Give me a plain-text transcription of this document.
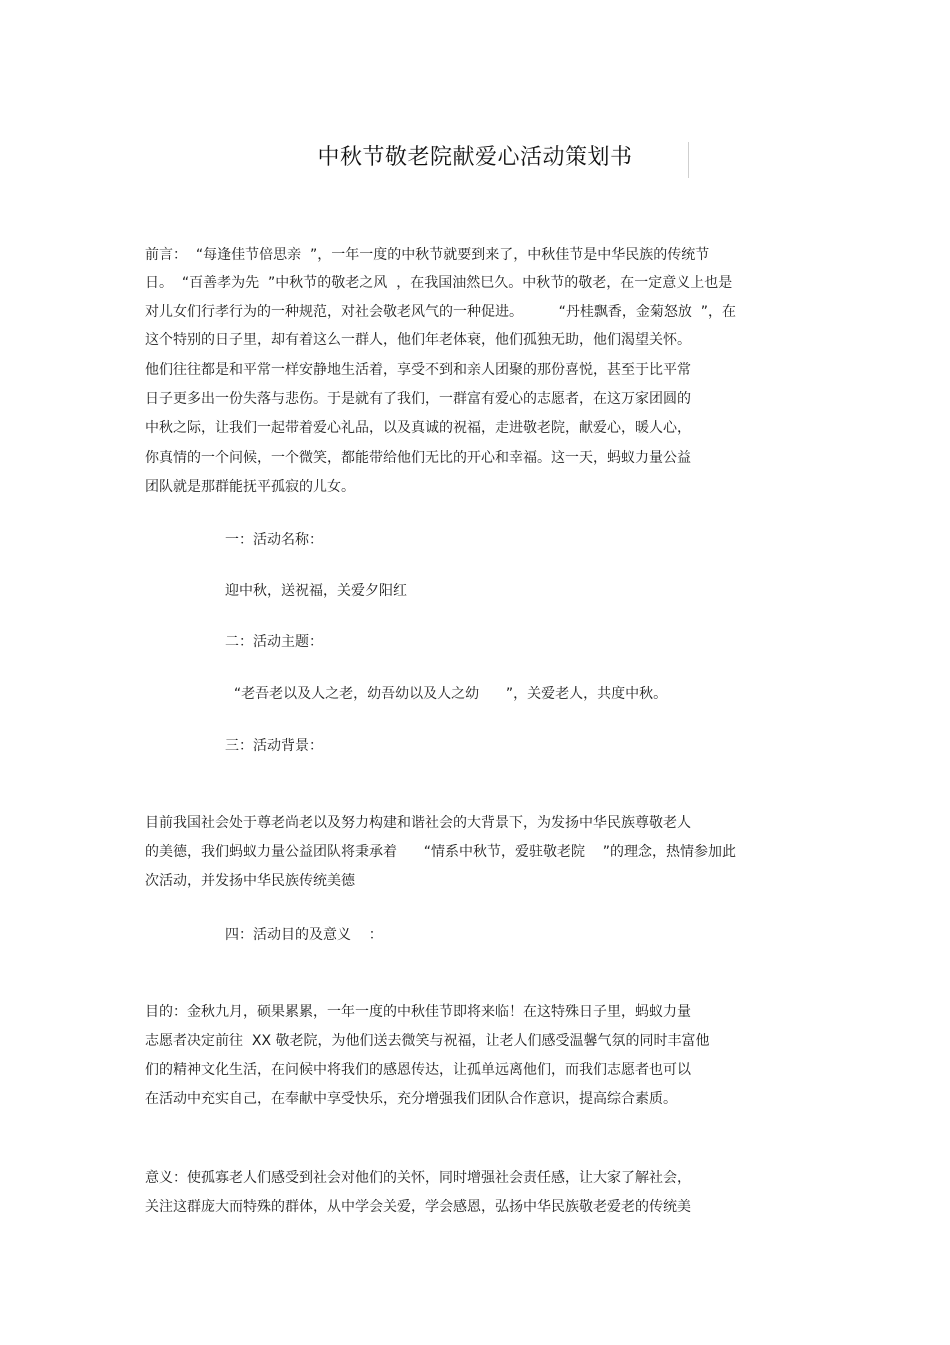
中秋节敬老院献爱心活动策划书
前言：  “每逢佳节倍思亲  ”，一年一度的中秋节就要到来了，中秋佳节是中华民族的传统节
日。  “百善孝为先  ”中秋节的敬老之风  ，在我国油然巳久。中秋节的敬老，在一定意义上也是
对儿女们行孝行为的一种规范，对社会敬老风气的一种促进。        “丹桂飘香，金菊怒放  ”，在
这个特别的日子里，却有着这么一群人，他们年老体衰，他们孤独无助，他们渴望关怀。
他们往往都是和平常一样安静地生活着，享受不到和亲人团聚的那份喜悦，甚至于比平常
日子更多出一份失落与悲伤。于是就有了我们，一群富有爱心的志愿者，在这万家团圆的
中秋之际，让我们一起带着爱心礼品，以及真诚的祝福，走进敬老院，献爱心，暖人心，
你真情的一个问候，一个微笑，都能带给他们无比的开心和幸福。这一天，蚂蚁力量公益
团队就是那群能抚平孤寂的儿女。
一：活动名称：
迎中秋，送祝福，关爱夕阳红
二：活动主题：
“老吾老以及人之老，幼吾幼以及人之幼      ”，关爱老人，共度中秋。
三：活动背景：
目前我国社会处于尊老尚老以及努力构建和谐社会的大背景下，为发扬中华民族尊敬老人
的美德，我们蚂蚁力量公益团队将秉承着      “情系中秋节，爱驻敬老院    ”的理念，热情参加此
次活动，并发扬中华民族传统美德
四：活动目的及意义    ：
目的：金秋九月，硕果累累，一年一度的中秋佳节即将来临！在这特殊日子里，蚂蚁力量
志愿者决定前往  XX 敬老院，为他们送去微笑与祝福，让老人们感受温馨气氛的同时丰富他
们的精神文化生活，在问候中将我们的感恩传达，让孤单远离他们，而我们志愿者也可以
在活动中充实自己，在奉献中享受快乐，充分增强我们团队合作意识，提高综合素质。
意义：使孤寡老人们感受到社会对他们的关怀，同时增强社会责任感，让大家了解社会，
关注这群庞大而特殊的群体，从中学会关爱，学会感恩，弘扬中华民族敬老爱老的传统美
